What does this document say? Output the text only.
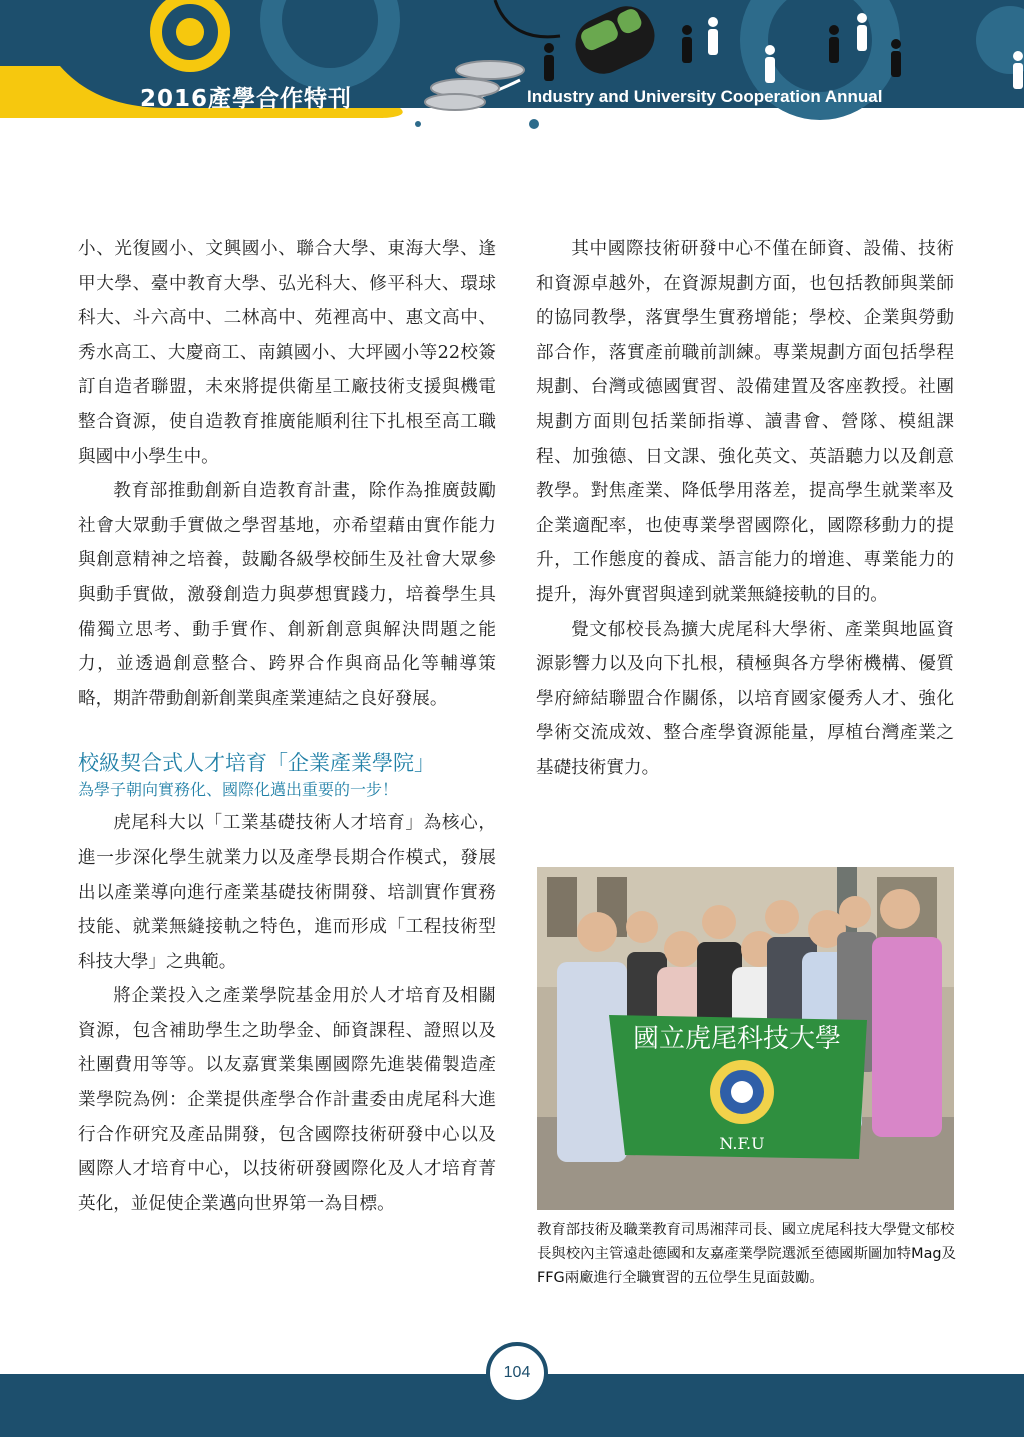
2016產學合作特刊	Industry and University Cooperation Annual

小、光復國小、文興國小、聯合大學、東海大學、逢甲大學、臺中教育大學、弘光科大、修平科大、環球科大、斗六高中、二林高中、苑裡高中、惠文高中、秀水高工、大慶商工、南鎮國小、大坪國小等22校簽訂自造者聯盟，未來將提供衛星工廠技術支援與機電整合資源，使自造教育推廣能順利往下扎根至高工職與國中小學生中。

教育部推動創新自造教育計畫，除作為推廣鼓勵社會大眾動手實做之學習基地，亦希望藉由實作能力與創意精神之培養，鼓勵各級學校師生及社會大眾參與動手實做，激發創造力與夢想實踐力，培養學生具備獨立思考、動手實作、創新創意與解決問題之能力，並透過創意整合、跨界合作與商品化等輔導策略，期許帶動創新創業與產業連結之良好發展。

校級契合式人才培育「企業產業學院」
為學子朝向實務化、國際化邁出重要的一步！

虎尾科大以「工業基礎技術人才培育」為核心，進一步深化學生就業力以及產學長期合作模式，發展出以產業導向進行產業基礎技術開發、培訓實作實務技能、就業無縫接軌之特色，進而形成「工程技術型科技大學」之典範。

將企業投入之產業學院基金用於人才培育及相關資源，包含補助學生之助學金、師資課程、證照以及社團費用等等。以友嘉實業集團國際先進裝備製造產業學院為例：企業提供產學合作計畫委由虎尾科大進行合作研究及產品開發，包含國際技術研發中心以及國際人才培育中心，以技術研發國際化及人才培育菁英化，並促使企業邁向世界第一為目標。

其中國際技術研發中心不僅在師資、設備、技術和資源卓越外，在資源規劃方面，也包括教師與業師的協同教學，落實學生實務增能；學校、企業與勞動部合作，落實產前職前訓練。專業規劃方面包括學程規劃、台灣或德國實習、設備建置及客座教授。社團規劃方面則包括業師指導、讀書會、營隊、模組課程、加強德、日文課、強化英文、英語聽力以及創意教學。對焦產業、降低學用落差，提高學生就業率及企業適配率，也使專業學習國際化，國際移動力的提升，工作態度的養成、語言能力的增進、專業能力的提升，海外實習與達到就業無縫接軌的目的。

覺文郁校長為擴大虎尾科大學術、產業與地區資源影響力以及向下扎根，積極與各方學術機構、優質學府締結聯盟合作關係，以培育國家優秀人才、強化學術交流成效、整合產學資源能量，厚植台灣產業之基礎技術實力。

國立虎尾科技大學
N.F.U

教育部技術及職業教育司馬湘萍司長、國立虎尾科技大學覺文郁校長與校內主管遠赴德國和友嘉產業學院選派至德國斯圖加特Mag及FFG兩廠進行全職實習的五位學生見面鼓勵。

104
